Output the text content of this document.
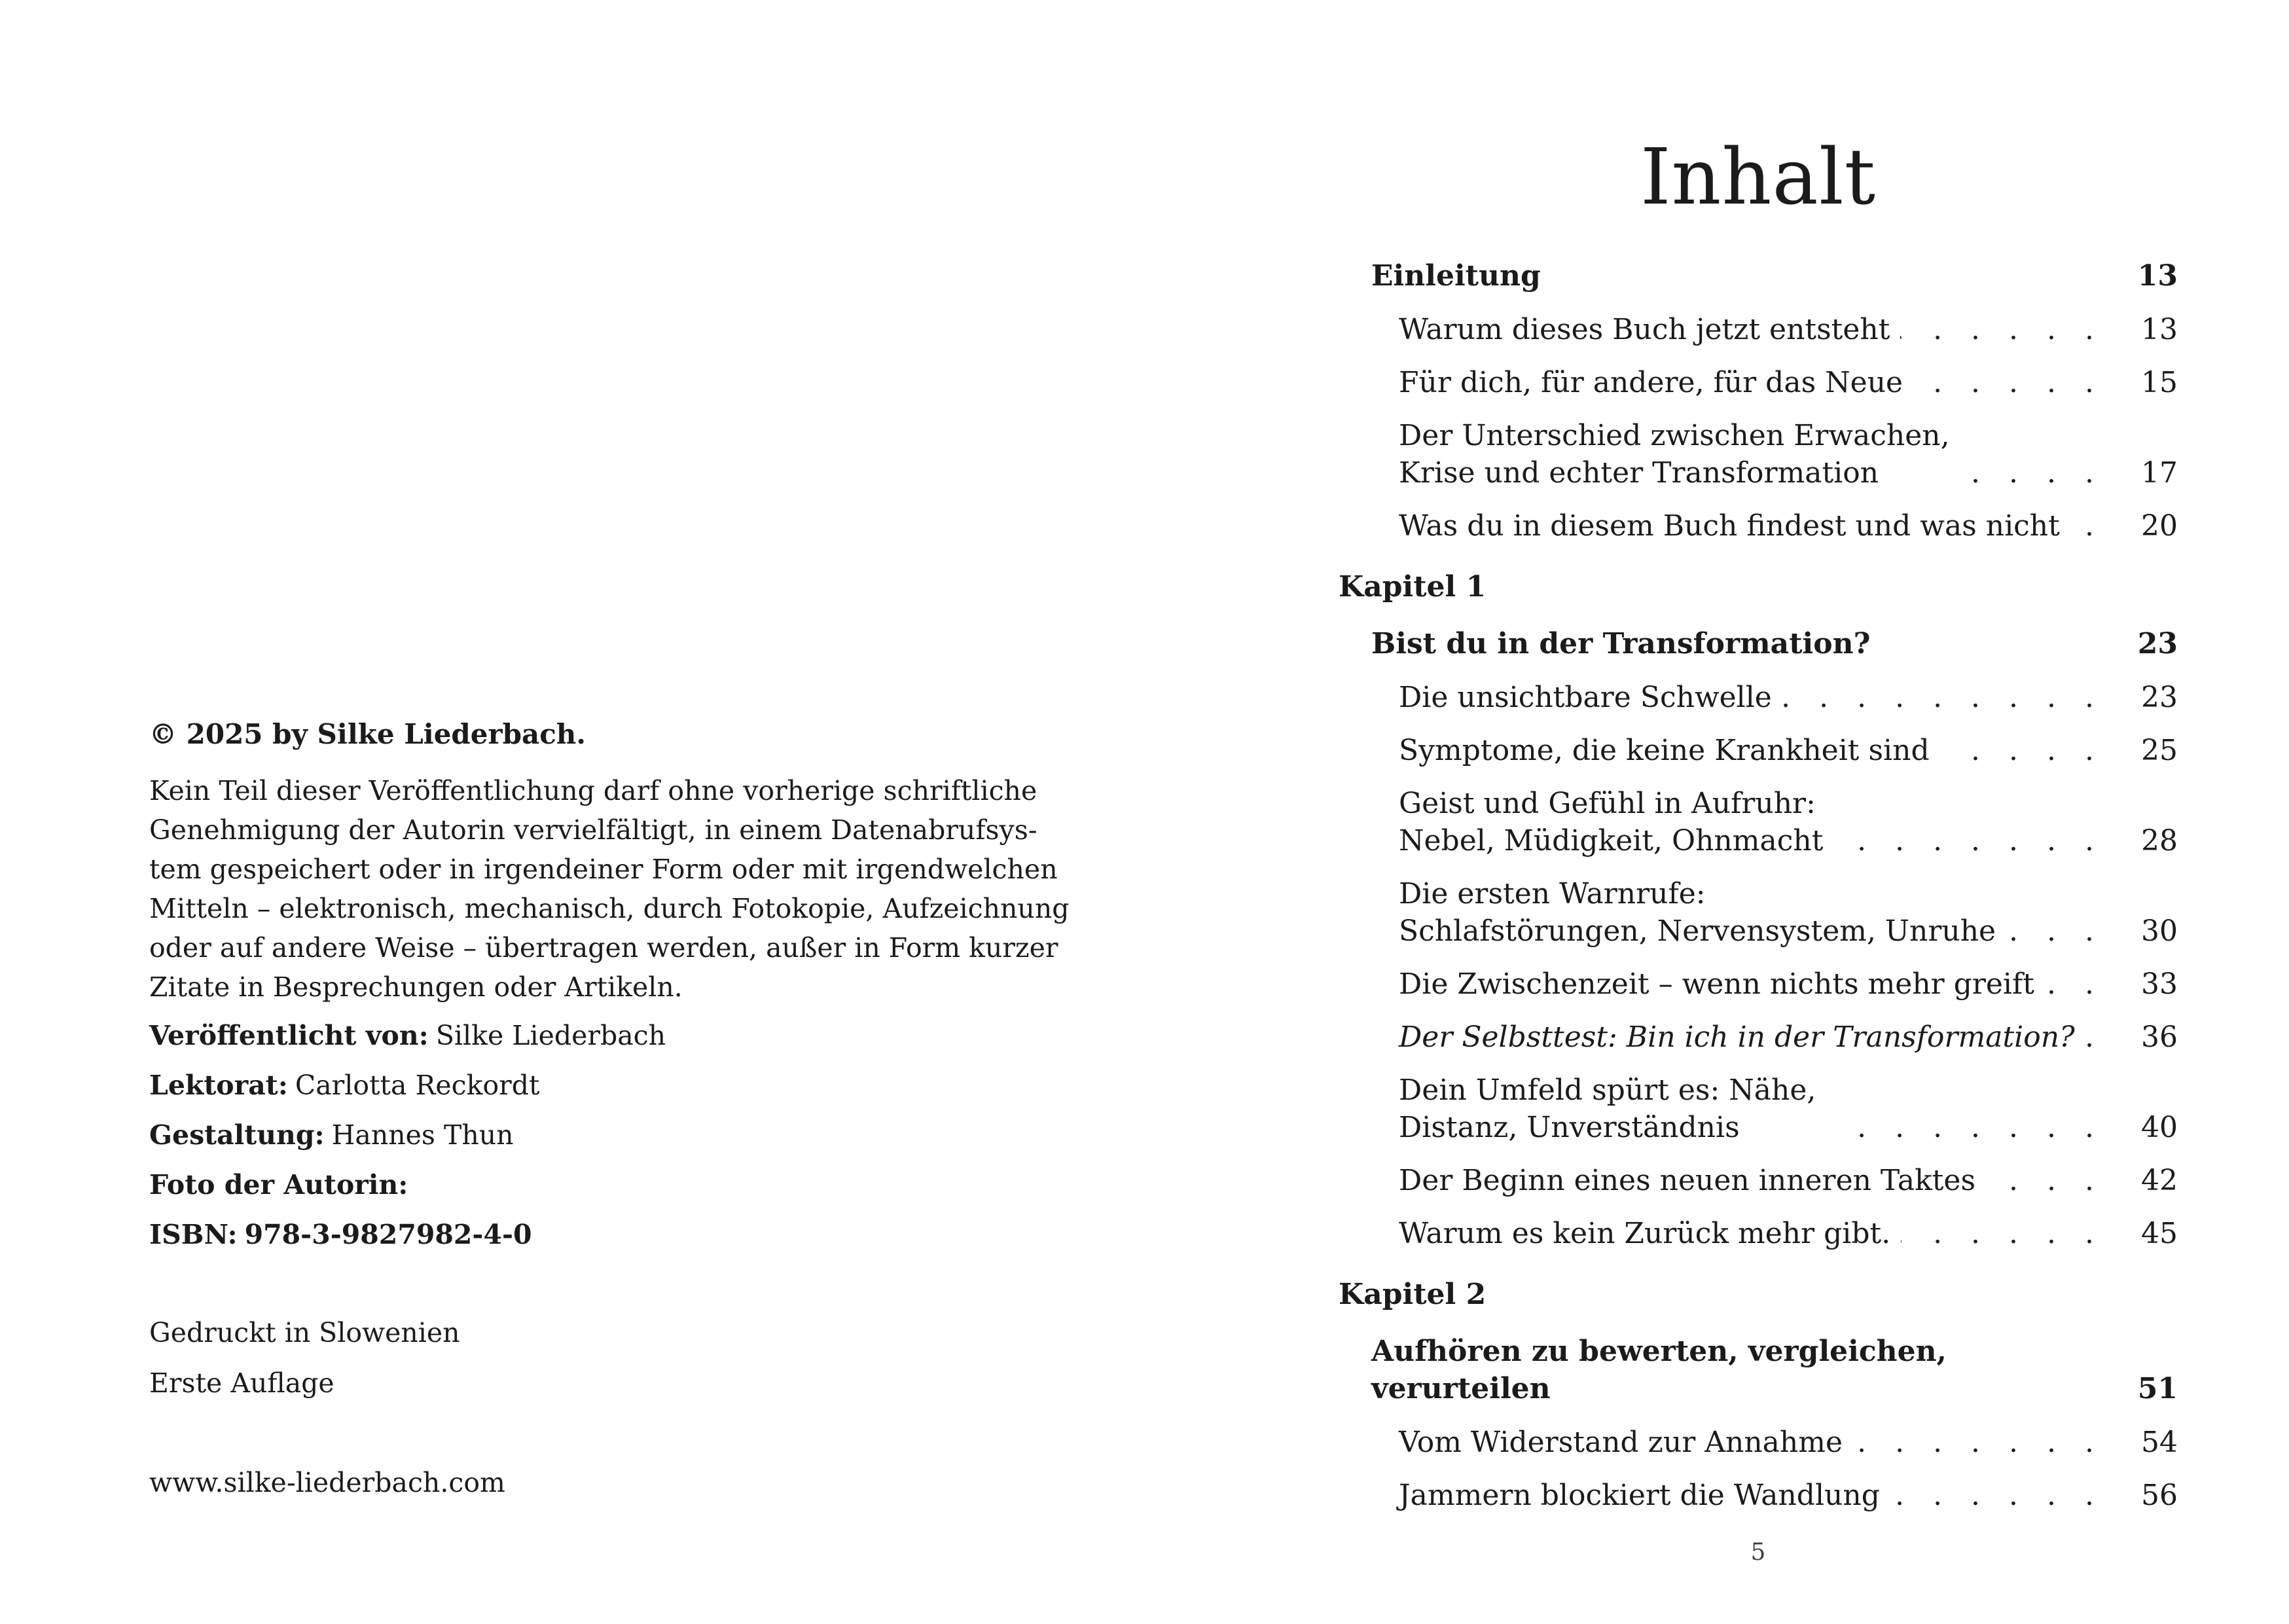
© 2025 by Silke Liederbach.

Kein Teil dieser Veröffentlichung darf ohne vorherige schriftliche
Genehmigung der Autorin vervielfältigt, in einem Datenabrufsys-
tem gespeichert oder in irgendeiner Form oder mit irgendwelchen
Mitteln – elektronisch, mechanisch, durch Fotokopie, Aufzeichnung
oder auf andere Weise – übertragen werden, außer in Form kurzer
Zitate in Besprechungen oder Artikeln.

Veröffentlicht von: Silke Liederbach

Lektorat: Carlotta Reckordt

Gestaltung: Hannes Thun

Foto der Autorin:

ISBN: 978-3-9827982-4-0

Gedruckt in Slowenien

Erste Auflage

www.silke-liederbach.com

Inhalt
Einleitung	13
Warum dieses Buch jetzt entsteht .....	13
Für dich, für andere, für das Neue .....	15
Der Unterschied zwischen Erwachen,
Krise und echter Transformation .....	17
Was du in diesem Buch findest und was nicht .....	20
Kapitel 1
Bist du in der Transformation?	23
Die unsichtbare Schwelle .....	23
Symptome, die keine Krankheit sind .....	25
Geist und Gefühl in Aufruhr:
Nebel, Müdigkeit, Ohnmacht .....	28
Die ersten Warnrufe:
Schlafstörungen, Nervensystem, Unruhe .....	30
Die Zwischenzeit – wenn nichts mehr greift .....	33
Der Selbsttest: Bin ich in der Transformation? .....	36
Dein Umfeld spürt es: Nähe,
Distanz, Unverständnis .....	40
Der Beginn eines neuen inneren Taktes .....	42
Warum es kein Zurück mehr gibt. .....	45
Kapitel 2
Aufhören zu bewerten, vergleichen, verurteilen	51
Vom Widerstand zur Annahme .....	54
Jammern blockiert die Wandlung .....	56
5
